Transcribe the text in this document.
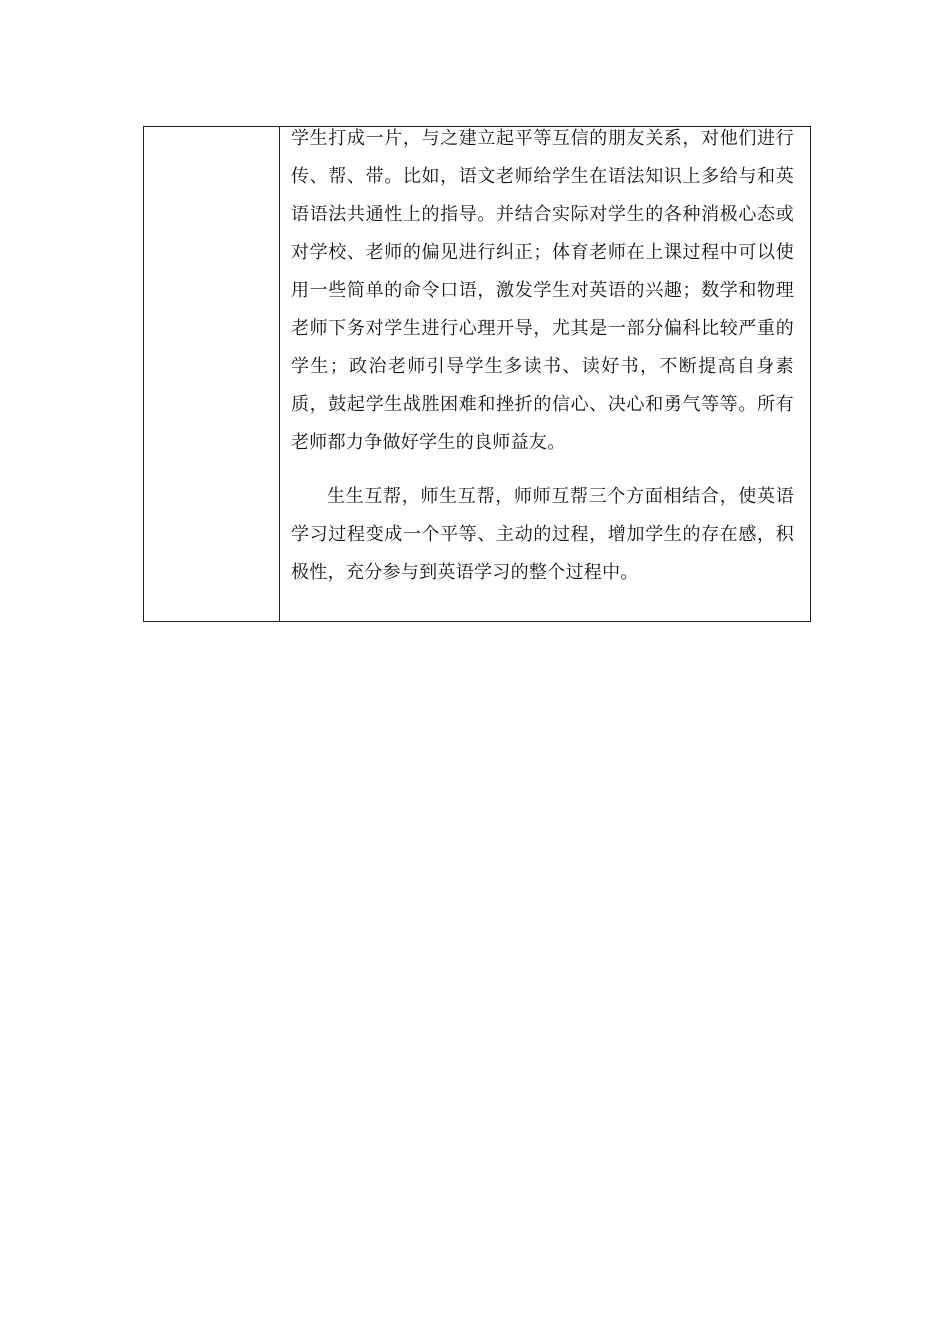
学生打成一片，与之建立起平等互信的朋友关系，对他们进行传、帮、带。比如，语文老师给学生在语法知识上多给与和英语语法共通性上的指导。并结合实际对学生的各种消极心态或对学校、老师的偏见进行纠正；体育老师在上课过程中可以使用一些简单的命令口语，激发学生对英语的兴趣；数学和物理老师下务对学生进行心理开导，尤其是一部分偏科比较严重的学生；政治老师引导学生多读书、读好书，不断提高自身素质，鼓起学生战胜困难和挫折的信心、决心和勇气等等。所有老师都力争做好学生的良师益友。

生生互帮，师生互帮，师师互帮三个方面相结合，使英语学习过程变成一个平等、主动的过程，增加学生的存在感，积极性，充分参与到英语学习的整个过程中。
